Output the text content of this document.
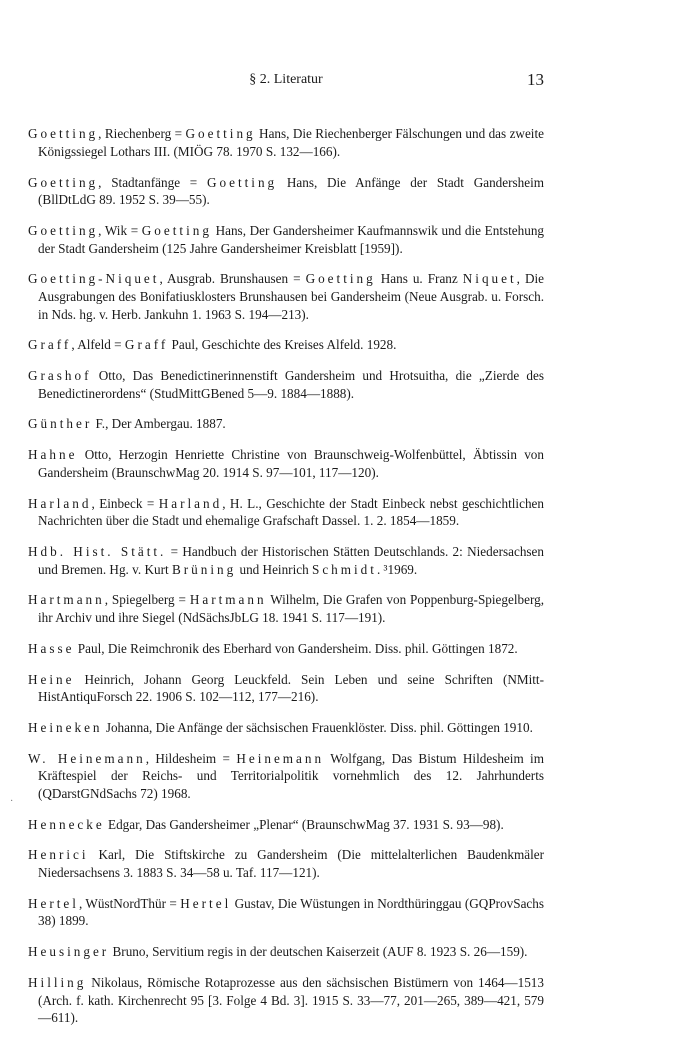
§ 2. Literatur	13
·

Goetting, Riechenberg = Goetting Hans, Die Riechenberger Fälschungen und das zweite Königssiegel Lothars III. (MIÖG 78. 1970 S. 132—166).

Goetting, Stadtanfänge = Goetting Hans, Die Anfänge der Stadt Gandersheim (BllDtLdG 89. 1952 S. 39—55).

Goetting, Wik = Goetting Hans, Der Gandersheimer Kaufmannswik und die Entstehung der Stadt Gandersheim (125 Jahre Gandersheimer Kreisblatt [1959]).

Goetting-Niquet, Ausgrab. Brunshausen = Goetting Hans u. Franz Niquet, Die Ausgrabungen des Bonifatiusklosters Brunshausen bei Gandersheim (Neue Ausgrab. u. Forsch. in Nds. hg. v. Herb. Jankuhn 1. 1963 S. 194—213).

Graff, Alfeld = Graff Paul, Geschichte des Kreises Alfeld. 1928.

Grashof Otto, Das Benedictinerinnenstift Gandersheim und Hrotsuitha, die „Zierde des Benedictinerordens“ (StudMittGBened 5—9. 1884—1888).

Günther F., Der Ambergau. 1887.

Hahne Otto, Herzogin Henriette Christine von Braunschweig-Wolfenbüttel, Äbtissin von Gandersheim (BraunschwMag 20. 1914 S. 97—101, 117—120).

Harland, Einbeck = Harland, H. L., Geschichte der Stadt Einbeck nebst geschichtlichen Nachrichten über die Stadt und ehemalige Grafschaft Dassel. 1. 2. 1854—1859.

Hdb. Hist. Stätt. = Handbuch der Historischen Stätten Deutschlands. 2: Niedersachsen und Bremen. Hg. v. Kurt Brüning und Heinrich Schmidt. ³1969.

Hartmann, Spiegelberg = Hartmann Wilhelm, Die Grafen von Poppenburg-Spiegelberg, ihr Archiv und ihre Siegel (NdSächsJbLG 18. 1941 S. 117—191).

Hasse Paul, Die Reimchronik des Eberhard von Gandersheim. Diss. phil. Göttingen 1872.

Heine Heinrich, Johann Georg Leuckfeld. Sein Leben und seine Schriften (NMitt-HistAntiquForsch 22. 1906 S. 102—112, 177—216).

Heineken Johanna, Die Anfänge der sächsischen Frauenklöster. Diss. phil. Göttingen 1910.

W. Heinemann, Hildesheim = Heinemann Wolfgang, Das Bistum Hildesheim im Kräftespiel der Reichs- und Territorialpolitik vornehmlich des 12. Jahrhunderts (QDarstGNdSachs 72) 1968.

Hennecke Edgar, Das Gandersheimer „Plenar“ (BraunschwMag 37. 1931 S. 93—98).

Henrici Karl, Die Stiftskirche zu Gandersheim (Die mittelalterlichen Baudenkmäler Niedersachsens 3. 1883 S. 34—58 u. Taf. 117—121).

Hertel, WüstNordThür = Hertel Gustav, Die Wüstungen in Nordthüringgau (GQProvSachs 38) 1899.

Heusinger Bruno, Servitium regis in der deutschen Kaiserzeit (AUF 8. 1923 S. 26—159).

Hilling Nikolaus, Römische Rotaprozesse aus den sächsischen Bistümern von 1464—1513 (Arch. f. kath. Kirchenrecht 95 [3. Folge 4 Bd. 3]. 1915 S. 33—77, 201—265, 389—421, 579—611).
